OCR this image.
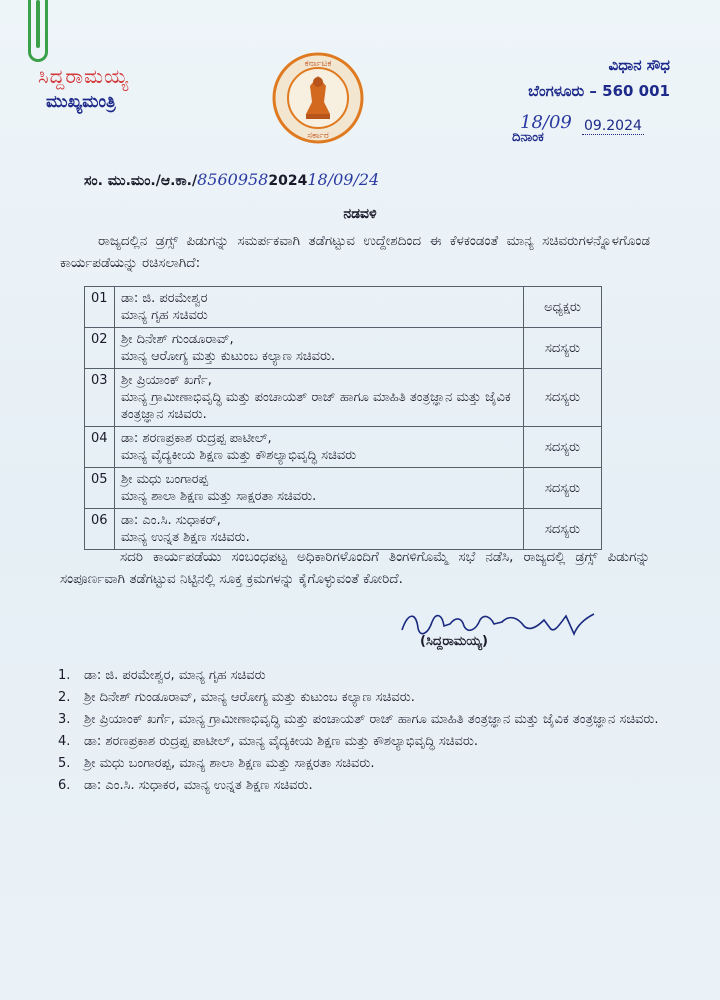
ಸಿದ್ದರಾಮಯ್ಯ
ಮುಖ್ಯಮಂತ್ರಿ
ಕರ್ನಾಟಕ
ಸರ್ಕಾರ
ವಿಧಾನ ಸೌಧ
ಬೆಂಗಳೂರು – 560 001
18/09
ದಿನಾಂಕ
09.2024
ಸಂ. ಮು.ಮಂ./ಆ.ಕಾ./8560958202418/09/24
ನಡವಳಿ
ರಾಜ್ಯದಲ್ಲಿನ ಡ್ರಗ್ಸ್ ಪಿಡುಗನ್ನು ಸಮರ್ಪಕವಾಗಿ ತಡೆಗಟ್ಟುವ ಉದ್ದೇಶದಿಂದ ಈ ಕೆಳಕಂಡಂತೆ ಮಾನ್ಯ ಸಚಿವರುಗಳನ್ನೊಳಗೊಂಡ ಕಾರ್ಯಪಡೆಯನ್ನು ರಚಿಸಲಾಗಿದೆ:
01	ಡಾ: ಜಿ. ಪರಮೇಶ್ವರ
ಮಾನ್ಯ ಗೃಹ ಸಚಿವರು	ಅಧ್ಯಕ್ಷರು
02	ಶ್ರೀ ದಿನೇಶ್ ಗುಂಡೂರಾವ್,
ಮಾನ್ಯ ಆರೋಗ್ಯ ಮತ್ತು ಕುಟುಂಬ ಕಲ್ಯಾಣ ಸಚಿವರು.	ಸದಸ್ಯರು
03	ಶ್ರೀ ಪ್ರಿಯಾಂಕ್ ಖರ್ಗೆ,
ಮಾನ್ಯ ಗ್ರಾಮೀಣಾಭಿವೃದ್ಧಿ ಮತ್ತು ಪಂಚಾಯತ್ ರಾಜ್ ಹಾಗೂ ಮಾಹಿತಿ ತಂತ್ರಜ್ಞಾನ ಮತ್ತು ಜೈವಿಕ ತಂತ್ರಜ್ಞಾನ ಸಚಿವರು.	ಸದಸ್ಯರು
04	ಡಾ: ಶರಣಪ್ರಕಾಶ ರುದ್ರಪ್ಪ ಪಾಟೀಲ್,
ಮಾನ್ಯ ವೈದ್ಯಕೀಯ ಶಿಕ್ಷಣ ಮತ್ತು ಕೌಶಲ್ಯಾಭಿವೃದ್ಧಿ ಸಚಿವರು	ಸದಸ್ಯರು
05	ಶ್ರೀ ಮಧು ಬಂಗಾರಪ್ಪ
ಮಾನ್ಯ ಶಾಲಾ ಶಿಕ್ಷಣ ಮತ್ತು ಸಾಕ್ಷರತಾ ಸಚಿವರು.	ಸದಸ್ಯರು
06	ಡಾ: ಎಂ.ಸಿ. ಸುಧಾಕರ್,
ಮಾನ್ಯ ಉನ್ನತ ಶಿಕ್ಷಣ ಸಚಿವರು.	ಸದಸ್ಯರು
ಸದರಿ ಕಾರ್ಯಪಡೆಯು ಸಂಬಂಧಪಟ್ಟ ಅಧಿಕಾರಿಗಳೊಂದಿಗೆ ತಿಂಗಳಿಗೊಮ್ಮೆ ಸಭೆ ನಡೆಸಿ, ರಾಜ್ಯದಲ್ಲಿ ಡ್ರಗ್ಸ್ ಪಿಡುಗನ್ನು ಸಂಪೂರ್ಣವಾಗಿ ತಡೆಗಟ್ಟುವ ನಿಟ್ಟಿನಲ್ಲಿ ಸೂಕ್ತ ಕ್ರಮಗಳನ್ನು ಕೈಗೊಳ್ಳುವಂತೆ ಕೋರಿದೆ.
(ಸಿದ್ದರಾಮಯ್ಯ)
1.	ಡಾ: ಜಿ. ಪರಮೇಶ್ವರ, ಮಾನ್ಯ ಗೃಹ ಸಚಿವರು
2.	ಶ್ರೀ ದಿನೇಶ್ ಗುಂಡೂರಾವ್, ಮಾನ್ಯ ಆರೋಗ್ಯ ಮತ್ತು ಕುಟುಂಬ ಕಲ್ಯಾಣ ಸಚಿವರು.
3.	ಶ್ರೀ ಪ್ರಿಯಾಂಕ್ ಖರ್ಗೆ, ಮಾನ್ಯ ಗ್ರಾಮೀಣಾಭಿವೃದ್ಧಿ ಮತ್ತು ಪಂಚಾಯತ್ ರಾಜ್ ಹಾಗೂ ಮಾಹಿತಿ ತಂತ್ರಜ್ಞಾನ ಮತ್ತು ಜೈವಿಕ ತಂತ್ರಜ್ಞಾನ ಸಚಿವರು.
4.	ಡಾ: ಶರಣಪ್ರಕಾಶ ರುದ್ರಪ್ಪ ಪಾಟೀಲ್, ಮಾನ್ಯ ವೈದ್ಯಕೀಯ ಶಿಕ್ಷಣ ಮತ್ತು ಕೌಶಲ್ಯಾಭಿವೃದ್ಧಿ ಸಚಿವರು.
5.	ಶ್ರೀ ಮಧು ಬಂಗಾರಪ್ಪ, ಮಾನ್ಯ ಶಾಲಾ ಶಿಕ್ಷಣ ಮತ್ತು ಸಾಕ್ಷರತಾ ಸಚಿವರು.
6.	ಡಾ: ಎಂ.ಸಿ. ಸುಧಾಕರ, ಮಾನ್ಯ ಉನ್ನತ ಶಿಕ್ಷಣ ಸಚಿವರು.
